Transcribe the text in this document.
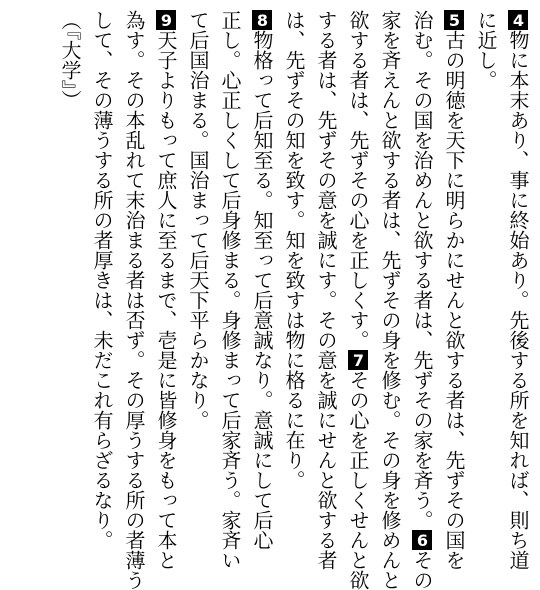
4物に本末あり、事に終始あり。先後する所を知れば、則ち道
に近し。
5古の明徳を天下に明らかにせんと欲する者は、先ずその国を
治む。その国を治めんと欲する者は、先ずその家を斉う。6その
家を斉えんと欲する者は、先ずその身を修む。その身を修めんと
欲する者は、先ずその心を正しくす。7その心を正しくせんと欲
する者は、先ずその意を誠にす。その意を誠にせんと欲する者
は、先ずその知を致す。知を致すは物に格るに在り。
8物格って后知至る。知至って后意誠なり。意誠にして后心
正し。心正しくして后身修まる。身修まって后家斉う。家斉い
て后国治まる。国治まって后天下平らかなり。
9天子よりもって庶人に至るまで、壱是に皆修身をもって本と
為す。その本乱れて末治まる者は否ず。その厚うする所の者薄う
して、その薄うする所の者厚きは、未だこれ有らざるなり。
（『大学』）
